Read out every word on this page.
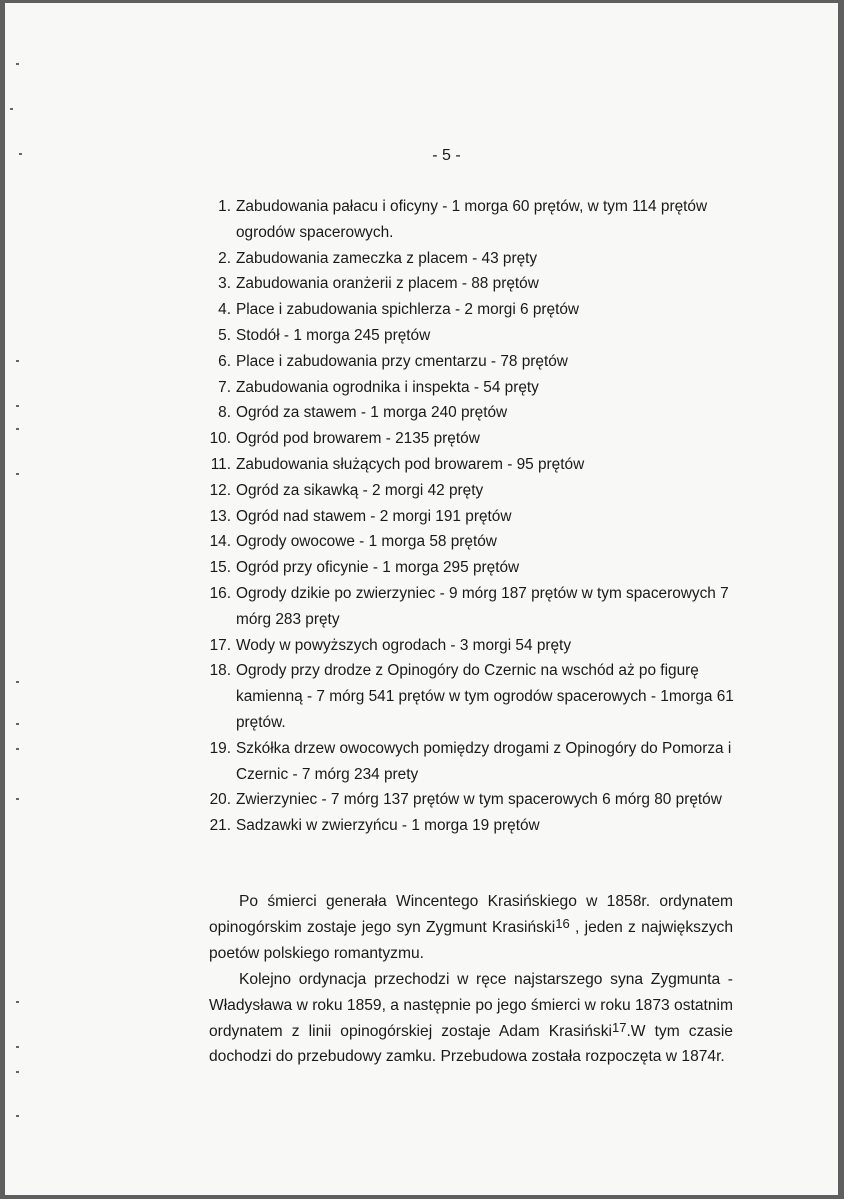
- 5 -
1. Zabudowania pałacu i oficyny - 1 morga 60 prętów, w tym 114 prętów ogrodów spacerowych.
2. Zabudowania zameczka z placem - 43 pręty
3. Zabudowania oranżerii z placem - 88 prętów
4. Place i zabudowania spichlerza - 2 morgi 6 prętów
5. Stodół - 1 morga 245 prętów
6. Place i zabudowania przy cmentarzu - 78 prętów
7. Zabudowania ogrodnika i inspekta - 54 pręty
8. Ogród za stawem - 1 morga 240 prętów
10. Ogród pod browarem - 2135 prętów
11. Zabudowania służących pod browarem - 95 prętów
12. Ogród za sikawką - 2 morgi 42 pręty
13. Ogród nad stawem - 2 morgi 191 prętów
14. Ogrody owocowe - 1 morga 58 prętów
15. Ogród przy oficynie - 1 morga 295 prętów
16. Ogrody dzikie po zwierzyniec - 9 mórg 187 prętów w tym spacerowych 7 mórg 283 pręty
17. Wody w powyższych ogrodach - 3 morgi 54 pręty
18. Ogrody przy drodze z Opinogóry do Czernic na wschód aż po figurę kamienną - 7 mórg 541 prętów w tym ogrodów spacerowych - 1morga 61 prętów.
19. Szkółka drzew owocowych pomiędzy drogami z Opinogóry do Pomorza i Czernic - 7 mórg 234 prety
20. Zwierzyniec - 7 mórg 137 prętów w tym spacerowych 6 mórg 80 prętów
21. Sadzawki w zwierzyńcu - 1 morga 19 prętów

Po śmierci generała Wincentego Krasińskiego w 1858r. ordynatem opinogórskim zostaje jego syn Zygmunt Krasiński$^{16}$ , jeden z największych poetów polskiego romantyzmu.

Kolejno ordynacja przechodzi w ręce najstarszego syna Zygmunta - Władysława w roku 1859, a następnie po jego śmierci w roku 1873 ostatnim ordynatem z linii opinogórskiej zostaje Adam Krasiński$^{17}$.W tym czasie dochodzi do przebudowy zamku. Przebudowa została rozpoczęta w 1874r.
